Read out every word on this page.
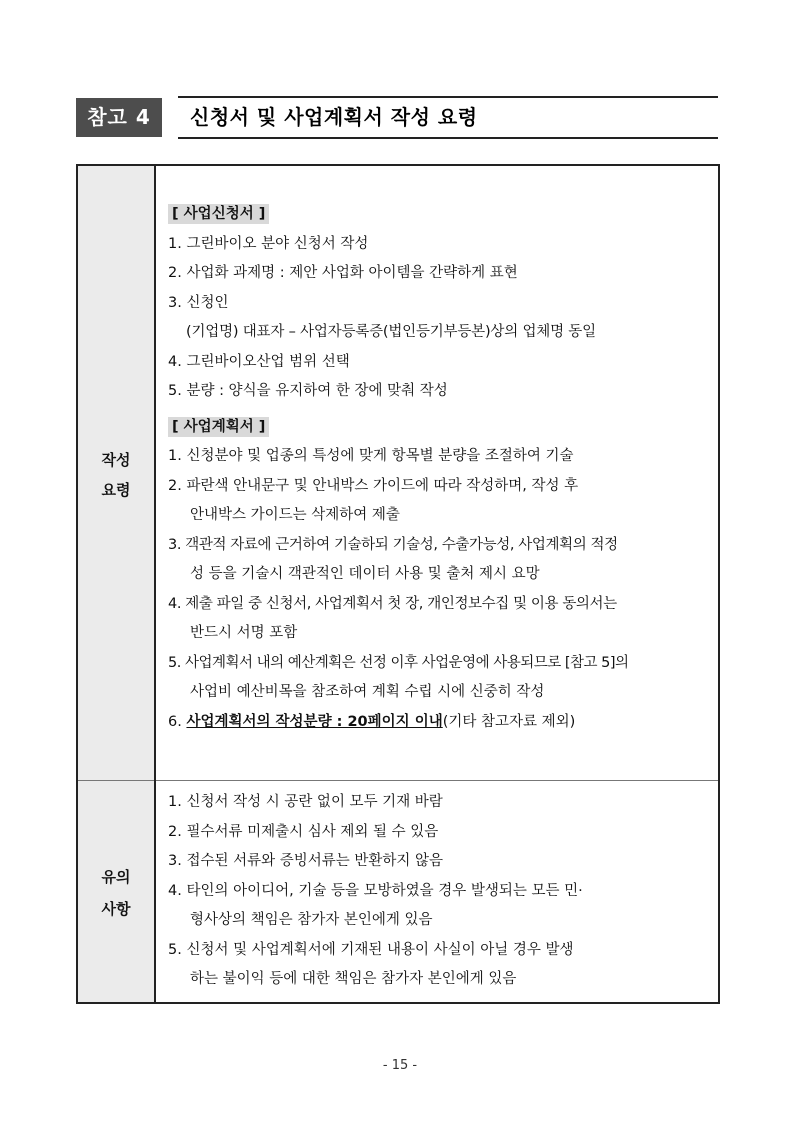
참고 4	신청서 및 사업계획서 작성 요령
작성
요령
유의
사항
[ 사업신청서 ]
1. 그린바이오 분야 신청서 작성
2. 사업화 과제명 : 제안 사업화 아이템을 간략하게 표현
3. 신청인
(기업명) 대표자 – 사업자등록증(법인등기부등본)상의 업체명 동일
4. 그린바이오산업 범위 선택
5. 분량 : 양식을 유지하여 한 장에 맞춰 작성
[ 사업계획서 ]
1. 신청분야 및 업종의 특성에 맞게 항목별 분량을 조절하여 기술
2. 파란색 안내문구 및 안내박스 가이드에 따라 작성하며, 작성 후
안내박스 가이드는 삭제하여 제출
3. 객관적 자료에 근거하여 기술하되 기술성, 수출가능성, 사업계획의 적정
성 등을 기술시 객관적인 데이터 사용 및 출처 제시 요망
4. 제출 파일 중 신청서, 사업계획서 첫 장, 개인정보수집 및 이용 동의서는
반드시 서명 포함
5. 사업계획서 내의 예산계획은 선정 이후 사업운영에 사용되므로 [참고 5]의
사업비 예산비목을 참조하여 계획 수립 시에 신중히 작성
6. 사업계획서의 작성분량 : 20페이지 이내(기타 참고자료 제외)
1. 신청서 작성 시 공란 없이 모두 기재 바람
2. 필수서류 미제출시 심사 제외 될 수 있음
3. 접수된 서류와 증빙서류는 반환하지 않음
4. 타인의 아이디어, 기술 등을 모방하였을 경우 발생되는 모든 민·
형사상의 책임은 참가자 본인에게 있음
5. 신청서 및 사업계획서에 기재된 내용이 사실이 아닐 경우 발생
하는 불이익 등에 대한 책임은 참가자 본인에게 있음
- 15 -
